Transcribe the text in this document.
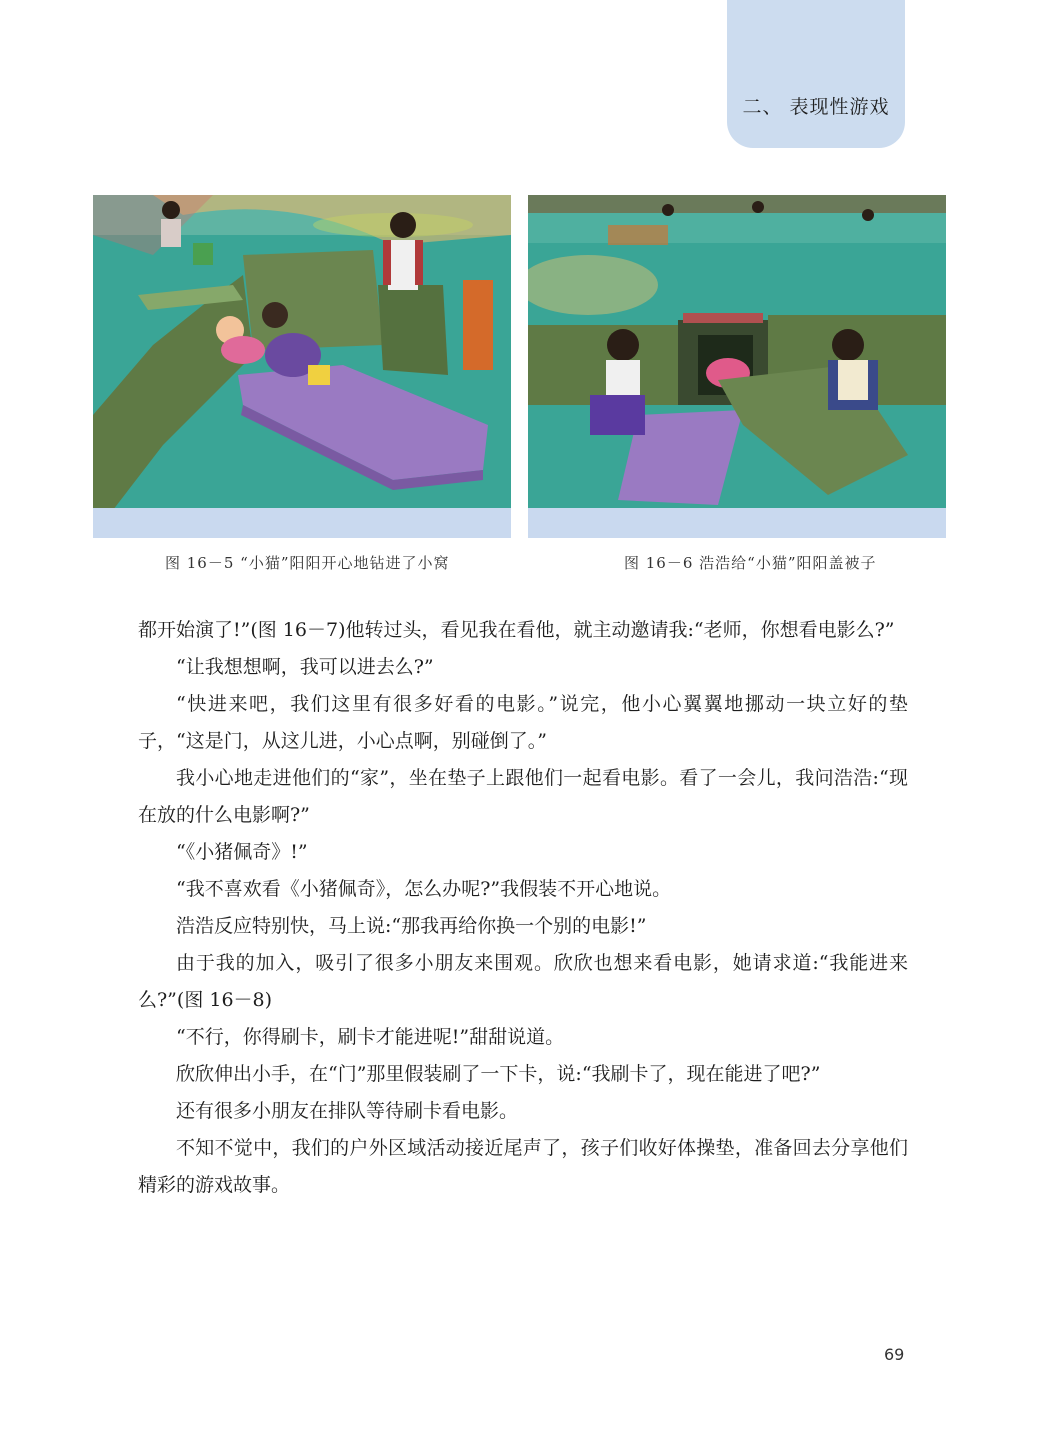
二、 表现性游戏
图 16－5 “小猫”阳阳开心地钻进了小窝	图 16－6 浩浩给“小猫”阳阳盖被子

都开始演了!”(图 16－7)他转过头，看见我在看他，就主动邀请我:“老师，你想看电影么?”

“让我想想啊，我可以进去么?”

“快进来吧，我们这里有很多好看的电影。”说完，他小心翼翼地挪动一块立好的垫子，“这是门，从这儿进，小心点啊，别碰倒了。”

我小心地走进他们的“家”，坐在垫子上跟他们一起看电影。看了一会儿，我问浩浩:“现在放的什么电影啊?”

“《小猪佩奇》!”

“我不喜欢看《小猪佩奇》，怎么办呢?”我假装不开心地说。

浩浩反应特别快，马上说:“那我再给你换一个别的电影!”

由于我的加入，吸引了很多小朋友来围观。欣欣也想来看电影，她请求道:“我能进来么?”(图 16－8)

“不行，你得刷卡，刷卡才能进呢!”甜甜说道。

欣欣伸出小手，在“门”那里假装刷了一下卡，说:“我刷卡了，现在能进了吧?”

还有很多小朋友在排队等待刷卡看电影。

不知不觉中，我们的户外区域活动接近尾声了，孩子们收好体操垫，准备回去分享他们精彩的游戏故事。

69
